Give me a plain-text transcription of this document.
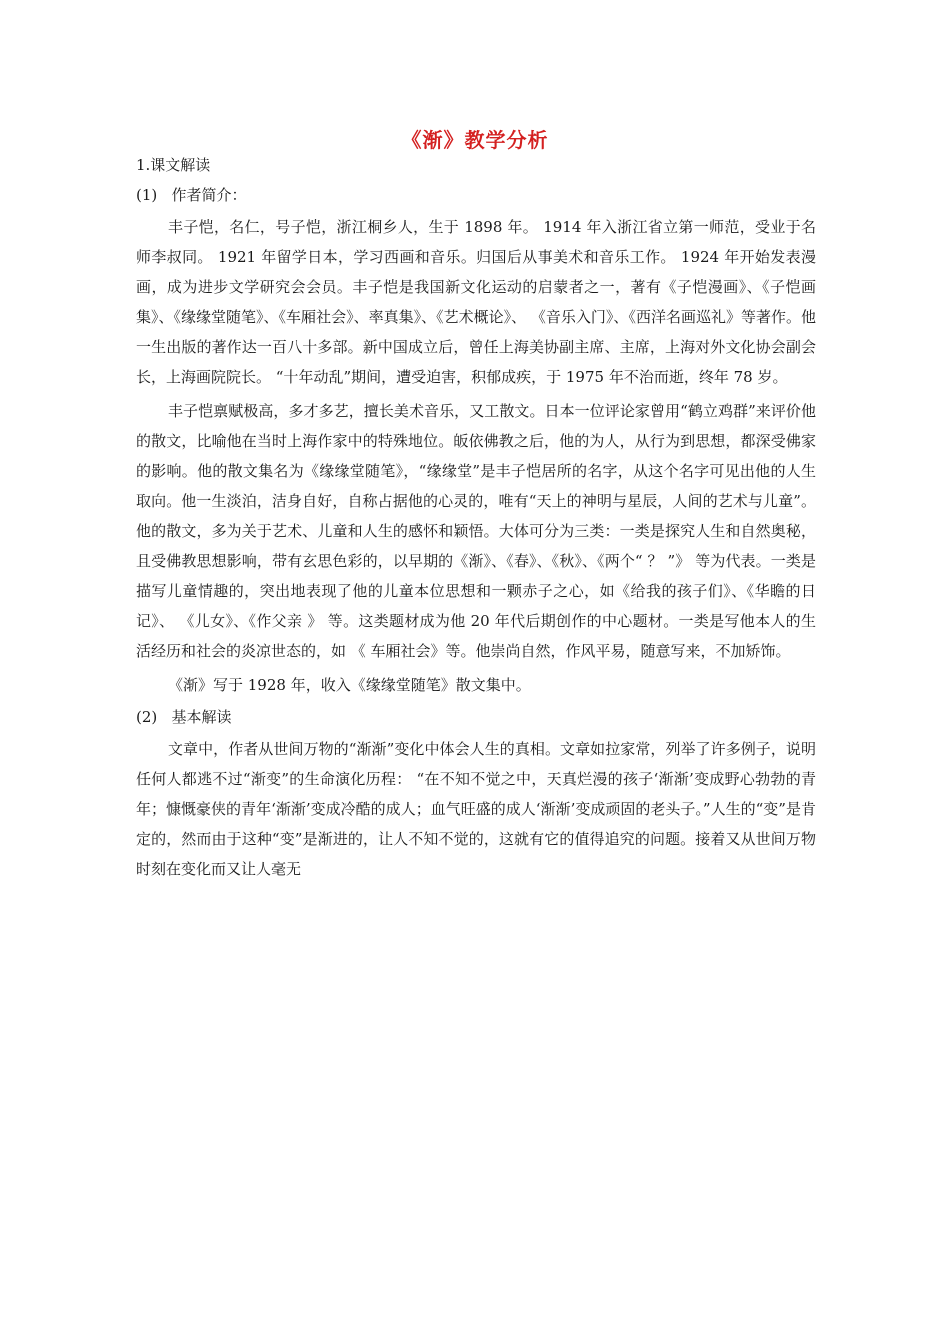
《渐》教学分析
1.课文解读
(1)   作者简介：

丰子恺，名仁，号子恺，浙江桐乡人，生于 1898 年。 1914 年入浙江省立第一师范，受业于名师李叔同。 1921 年留学日本，学习西画和音乐。归国后从事美术和音乐工作。 1924 年开始发表漫画，成为进步文学研究会会员。丰子恺是我国新文化运动的启蒙者之一，著有《子恺漫画》、《子恺画集》、《缘缘堂随笔》、《车厢社会》、率真集》、《艺术概论》、 《音乐入门》、《西洋名画巡礼》等著作。他一生出版的著作达一百八十多部。新中国成立后，曾任上海美协副主席、主席，上海对外文化协会副会长，上海画院院长。 “十年动乱”期间，遭受迫害，积郁成疾，于 1975 年不治而逝，终年 78 岁。

丰子恺禀赋极高，多才多艺，擅长美术音乐，又工散文。日本一位评论家曾用“鹤立鸡群”来评价他的散文，比喻他在当时上海作家中的特殊地位。皈依佛教之后，他的为人，从行为到思想，都深受佛家的影响。他的散文集名为《缘缘堂随笔》，“缘缘堂”是丰子恺居所的名字，从这个名字可见出他的人生取向。他一生淡泊，洁身自好，自称占据他的心灵的，唯有“天上的神明与星辰，人间的艺术与儿童”。他的散文，多为关于艺术、儿童和人生的感怀和颖悟。大体可分为三类：一类是探究人生和自然奥秘，且受佛教思想影响，带有玄思色彩的，以早期的《渐》、《春》、《秋》、《两个“ ？ ”》 等为代表。一类是描写儿童情趣的，突出地表现了他的儿童本位思想和一颗赤子之心，如《给我的孩子们》、《华瞻的日记》、 《儿女》、《作父亲 》 等。这类题材成为他 20 年代后期创作的中心题材。一类是写他本人的生活经历和社会的炎凉世态的，如 《 车厢社会》等。他崇尚自然，作风平易，随意写来，不加矫饰。

《渐》写于 1928 年，收入《缘缘堂随笔》散文集中。

(2)   基本解读

文章中，作者从世间万物的“渐渐”变化中体会人生的真相。文章如拉家常，列举了许多例子，说明任何人都逃不过“渐变”的生命演化历程： “在不知不觉之中，天真烂漫的孩子‘渐渐’变成野心勃勃的青年；慷慨豪侠的青年‘渐渐’变成冷酷的成人；血气旺盛的成人‘渐渐’变成顽固的老头子。”人生的“变”是肯定的，然而由于这种“变”是渐进的，让人不知不觉的，这就有它的值得追究的问题。接着又从世间万物时刻在变化而又让人毫无
